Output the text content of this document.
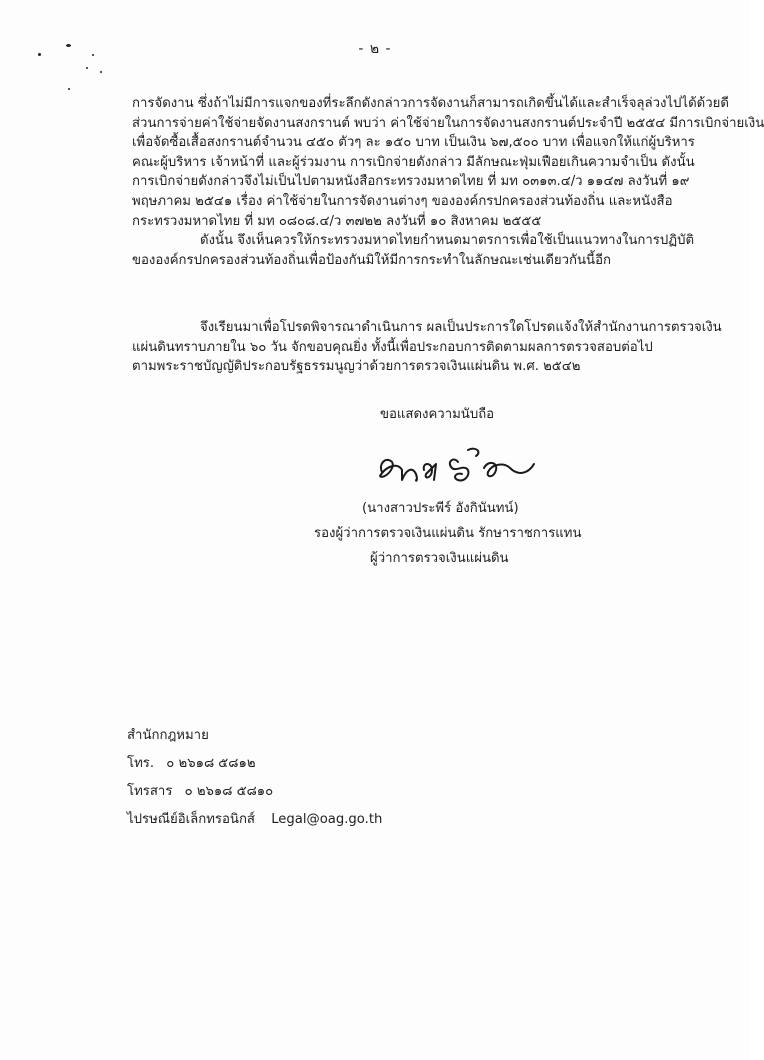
- ๒ -
การจัดงาน ซึ่งถ้าไม่มีการแจกของที่ระลึกดังกล่าวการจัดงานก็สามารถเกิดขึ้นได้และสำเร็จลุล่วงไปได้ด้วยดี
ส่วนการจ่ายค่าใช้จ่ายจัดงานสงกรานต์ พบว่า ค่าใช้จ่ายในการจัดงานสงกรานต์ประจำปี ๒๕๕๔ มีการเบิกจ่ายเงิน
เพื่อจัดซื้อเสื้อสงกรานต์จำนวน ๔๕๐ ตัวๆ ละ ๑๕๐ บาท เป็นเงิน ๖๗,๕๐๐ บาท เพื่อแจกให้แก่ผู้บริหาร
คณะผู้บริหาร เจ้าหน้าที่ และผู้ร่วมงาน การเบิกจ่ายดังกล่าว มีลักษณะฟุ่มเฟือยเกินความจำเป็น ดังนั้น
การเบิกจ่ายดังกล่าวจึงไม่เป็นไปตามหนังสือกระทรวงมหาดไทย ที่ มท ๐๓๑๓.๔/ว ๑๑๔๗ ลงวันที่ ๑๙
พฤษภาคม ๒๕๔๑ เรื่อง ค่าใช้จ่ายในการจัดงานต่างๆ ขององค์กรปกครองส่วนท้องถิ่น และหนังสือ
กระทรวงมหาดไทย ที่ มท ๐๘๐๘.๔/ว ๓๗๒๒ ลงวันที่ ๑๐ สิงหาคม ๒๕๕๕
ดังนั้น จึงเห็นควรให้กระทรวงมหาดไทยกำหนดมาตรการเพื่อใช้เป็นแนวทางในการปฏิบัติ
ขององค์กรปกครองส่วนท้องถิ่นเพื่อป้องกันมิให้มีการกระทำในลักษณะเช่นเดียวกันนี้อีก
จึงเรียนมาเพื่อโปรดพิจารณาดำเนินการ ผลเป็นประการใดโปรดแจ้งให้สำนักงานการตรวจเงิน
แผ่นดินทราบภายใน ๖๐ วัน จักขอบคุณยิ่ง ทั้งนี้เพื่อประกอบการติดตามผลการตรวจสอบต่อไป
ตามพระราชบัญญัติประกอบรัฐธรรมนูญว่าด้วยการตรวจเงินแผ่นดิน พ.ศ. ๒๕๔๒
ขอแสดงความนับถือ
(นางสาวประพีร์ อังกินันทน์)
รองผู้ว่าการตรวจเงินแผ่นดิน รักษาราชการแทน
ผู้ว่าการตรวจเงินแผ่นดิน
สำนักกฎหมาย
โทร. ๐ ๒๖๑๘ ๕๘๑๒
โทรสาร ๐ ๒๖๑๘ ๕๘๑๐
ไปรษณีย์อิเล็กทรอนิกส์ Legal@oag.go.th
